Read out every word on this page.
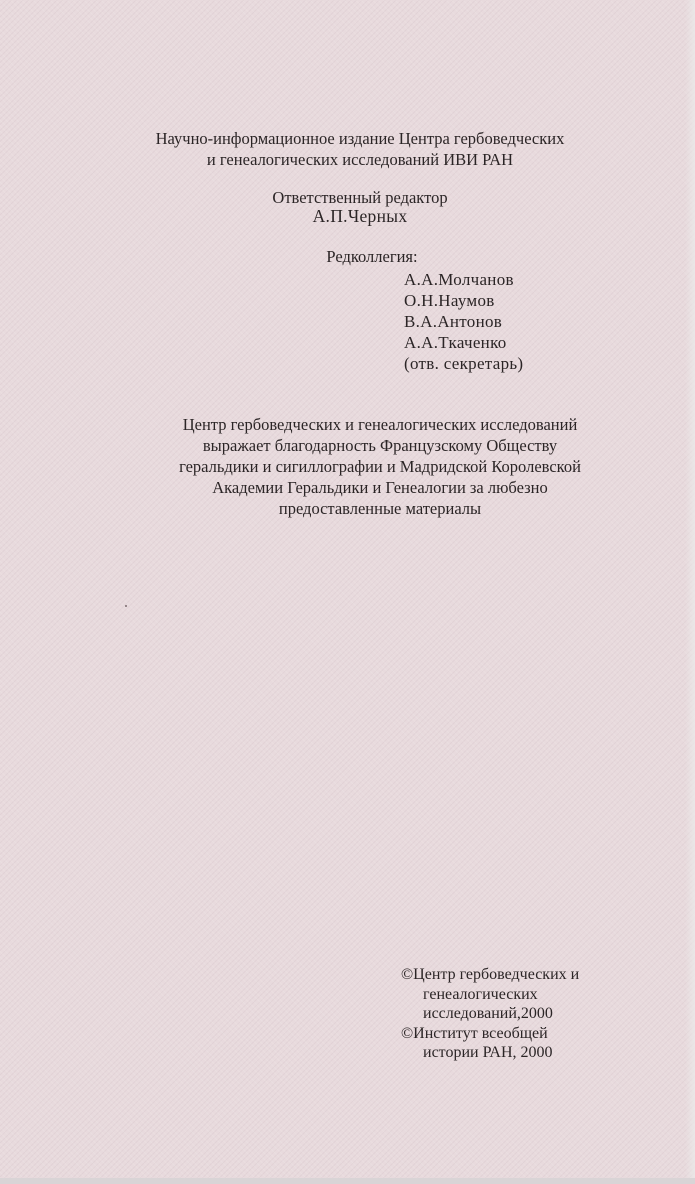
Научно-информационное издание Центра гербоведческих
и генеалогических исследований ИВИ РАН
Ответственный редактор
А.П.Черных
Редколлегия:
А.А.Молчанов
О.Н.Наумов
В.А.Антонов
А.А.Ткаченко
(отв. секретарь)
Центр гербоведческих и генеалогических исследований
выражает благодарность Французскому Обществу
геральдики и сигиллографии и Мадридской Королевской
Академии Геральдики и Генеалогии за любезно
предоставленные материалы
©Центр гербоведческих и
генеалогических
исследований,2000
©Институт всеобщей
истории РАН, 2000
